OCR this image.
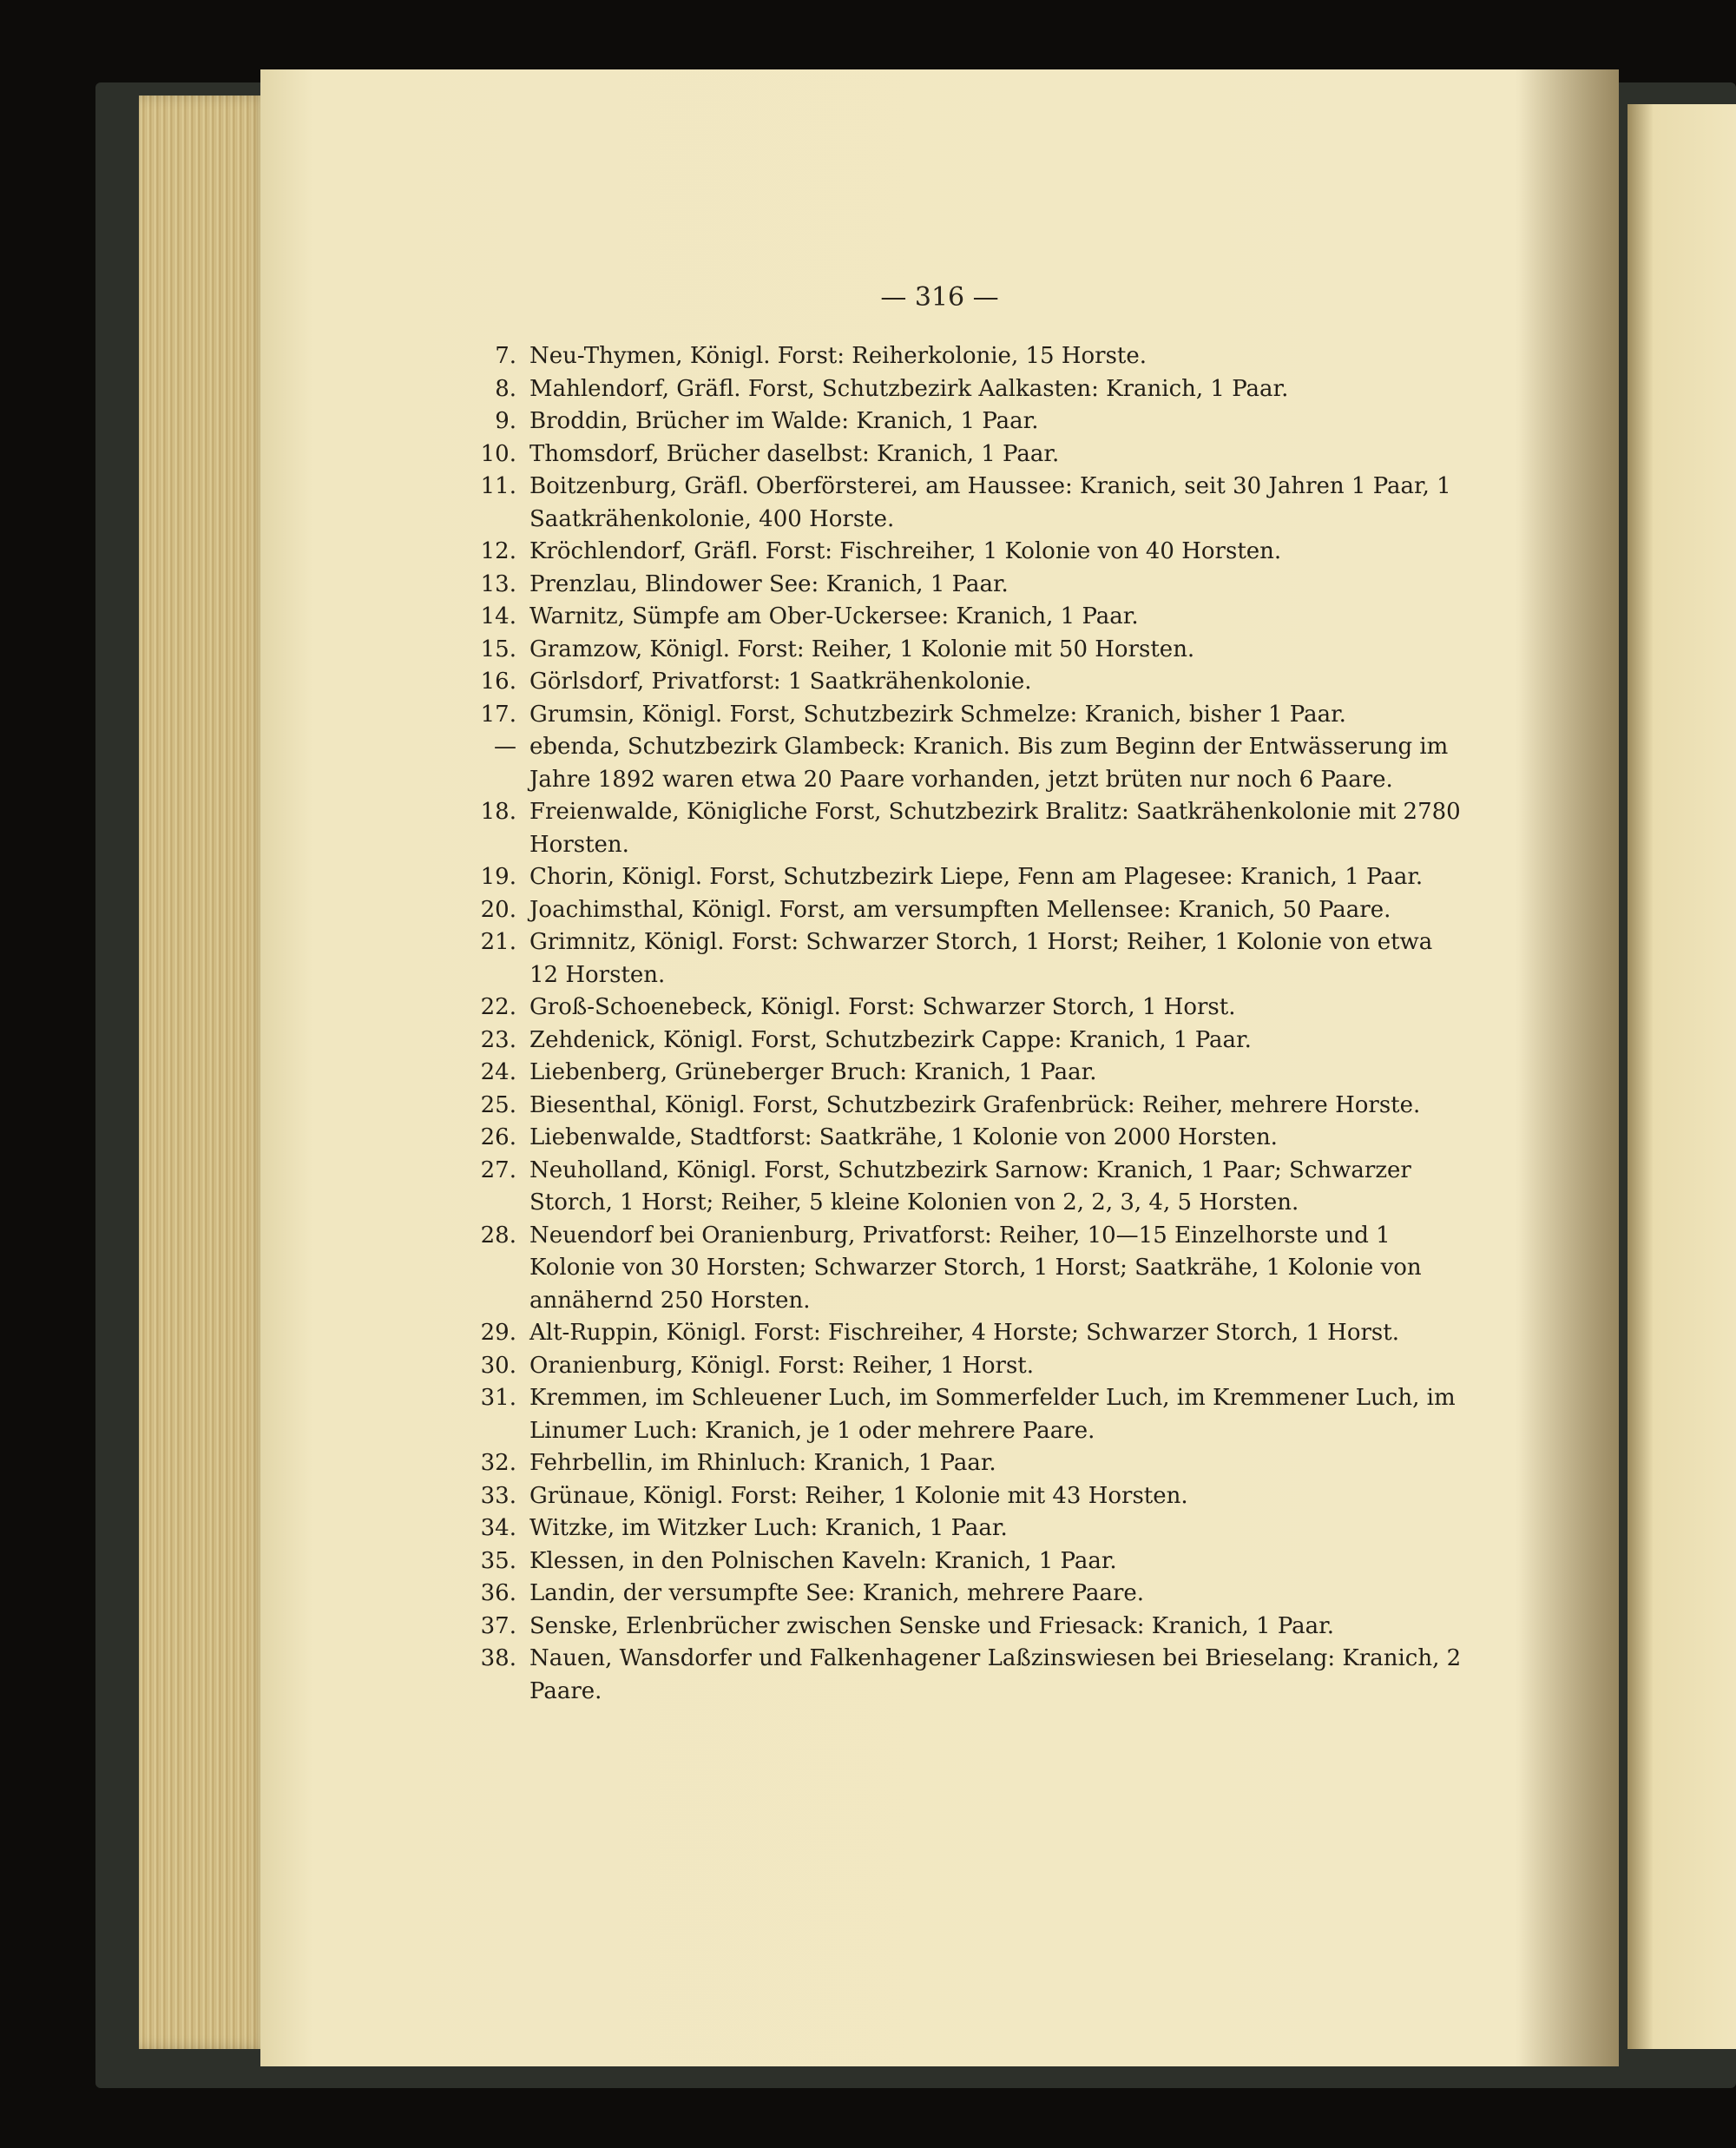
— 316 —
7. Neu-Thymen, Königl. Forst: Reiherkolonie, 15 Horste.
8. Mahlendorf, Gräfl. Forst, Schutzbezirk Aalkasten: Kranich, 1 Paar.
9. Broddin, Brücher im Walde: Kranich, 1 Paar.
10. Thomsdorf, Brücher daselbst: Kranich, 1 Paar.
11. Boitzenburg, Gräfl. Oberförsterei, am Haussee: Kranich, seit 30 Jahren 1 Paar, 1 Saatkrähenkolonie, 400 Horste.
12. Kröchlendorf, Gräfl. Forst: Fischreiher, 1 Kolonie von 40 Horsten.
13. Prenzlau, Blindower See: Kranich, 1 Paar.
14. Warnitz, Sümpfe am Ober-Uckersee: Kranich, 1 Paar.
15. Gramzow, Königl. Forst: Reiher, 1 Kolonie mit 50 Horsten.
16. Görlsdorf, Privatforst: 1 Saatkrähenkolonie.
17. Grumsin, Königl. Forst, Schutzbezirk Schmelze: Kranich, bisher 1 Paar.
— ebenda, Schutzbezirk Glambeck: Kranich. Bis zum Beginn der Entwässerung im Jahre 1892 waren etwa 20 Paare vorhanden, jetzt brüten nur noch 6 Paare.
18. Freienwalde, Königliche Forst, Schutzbezirk Bralitz: Saatkrähenkolonie mit 2780 Horsten.
19. Chorin, Königl. Forst, Schutzbezirk Liepe, Fenn am Plagesee: Kranich, 1 Paar.
20. Joachimsthal, Königl. Forst, am versumpften Mellensee: Kranich, 50 Paare.
21. Grimnitz, Königl. Forst: Schwarzer Storch, 1 Horst; Reiher, 1 Kolonie von etwa 12 Horsten.
22. Groß-Schoenebeck, Königl. Forst: Schwarzer Storch, 1 Horst.
23. Zehdenick, Königl. Forst, Schutzbezirk Cappe: Kranich, 1 Paar.
24. Liebenberg, Grüneberger Bruch: Kranich, 1 Paar.
25. Biesenthal, Königl. Forst, Schutzbezirk Grafenbrück: Reiher, mehrere Horste.
26. Liebenwalde, Stadtforst: Saatkrähe, 1 Kolonie von 2000 Horsten.
27. Neuholland, Königl. Forst, Schutzbezirk Sarnow: Kranich, 1 Paar; Schwarzer Storch, 1 Horst; Reiher, 5 kleine Kolonien von 2, 2, 3, 4, 5 Horsten.
28. Neuendorf bei Oranienburg, Privatforst: Reiher, 10—15 Einzelhorste und 1 Kolonie von 30 Horsten; Schwarzer Storch, 1 Horst; Saatkrähe, 1 Kolonie von annähernd 250 Horsten.
29. Alt-Ruppin, Königl. Forst: Fischreiher, 4 Horste; Schwarzer Storch, 1 Horst.
30. Oranienburg, Königl. Forst: Reiher, 1 Horst.
31. Kremmen, im Schleuener Luch, im Sommerfelder Luch, im Kremmener Luch, im Linumer Luch: Kranich, je 1 oder mehrere Paare.
32. Fehrbellin, im Rhinluch: Kranich, 1 Paar.
33. Grünaue, Königl. Forst: Reiher, 1 Kolonie mit 43 Horsten.
34. Witzke, im Witzker Luch: Kranich, 1 Paar.
35. Klessen, in den Polnischen Kaveln: Kranich, 1 Paar.
36. Landin, der versumpfte See: Kranich, mehrere Paare.
37. Senske, Erlenbrücher zwischen Senske und Friesack: Kranich, 1 Paar.
38. Nauen, Wansdorfer und Falkenhagener Laßzinswiesen bei Brieselang: Kranich, 2 Paare.
